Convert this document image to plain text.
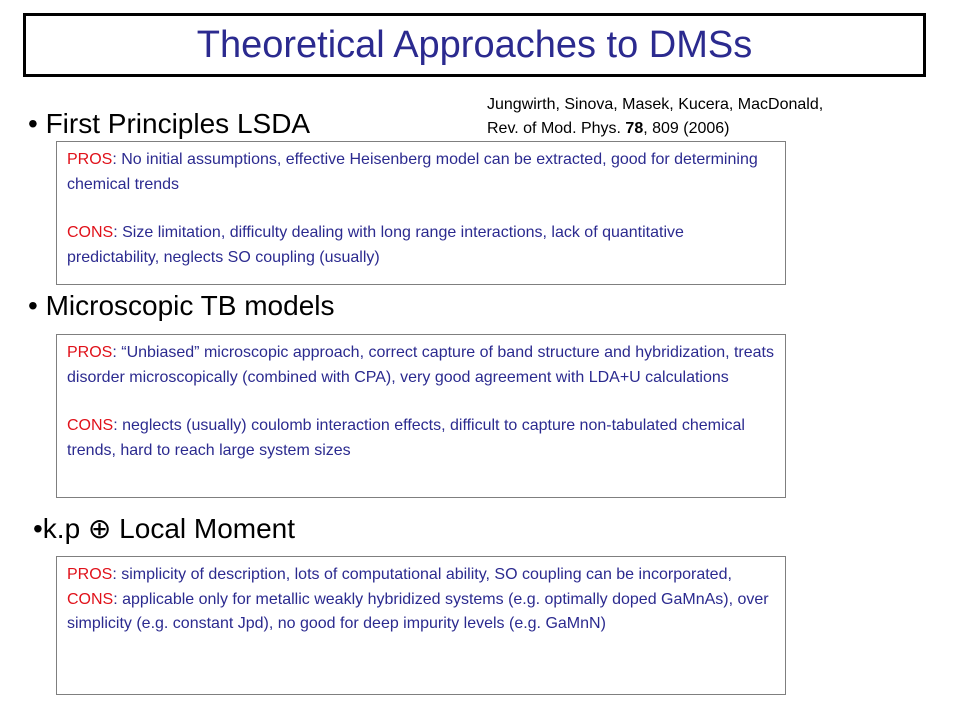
Theoretical Approaches to DMSs
Jungwirth, Sinova, Masek, Kucera, MacDonald,
Rev. of Mod. Phys. 78, 809 (2006)
• First Principles LSDA
PROS: No initial assumptions, effective Heisenberg model can be extracted, good for determining chemical trends
CONS: Size limitation, difficulty dealing with long range interactions, lack of quantitative predictability, neglects SO coupling (usually)
• Microscopic TB models
PROS: “Unbiased” microscopic approach, correct capture of band structure and hybridization, treats disorder microscopically (combined with CPA), very good agreement with LDA+U calculations
CONS: neglects (usually) coulomb interaction effects, difficult to capture non-tabulated chemical trends, hard to reach large system sizes
•k.p ⊕ Local Moment
PROS: simplicity of description, lots of computational ability, SO coupling can be incorporated,
CONS: applicable only for metallic weakly hybridized systems (e.g. optimally doped GaMnAs), over simplicity (e.g. constant Jpd), no good for deep impurity levels (e.g. GaMnN)
